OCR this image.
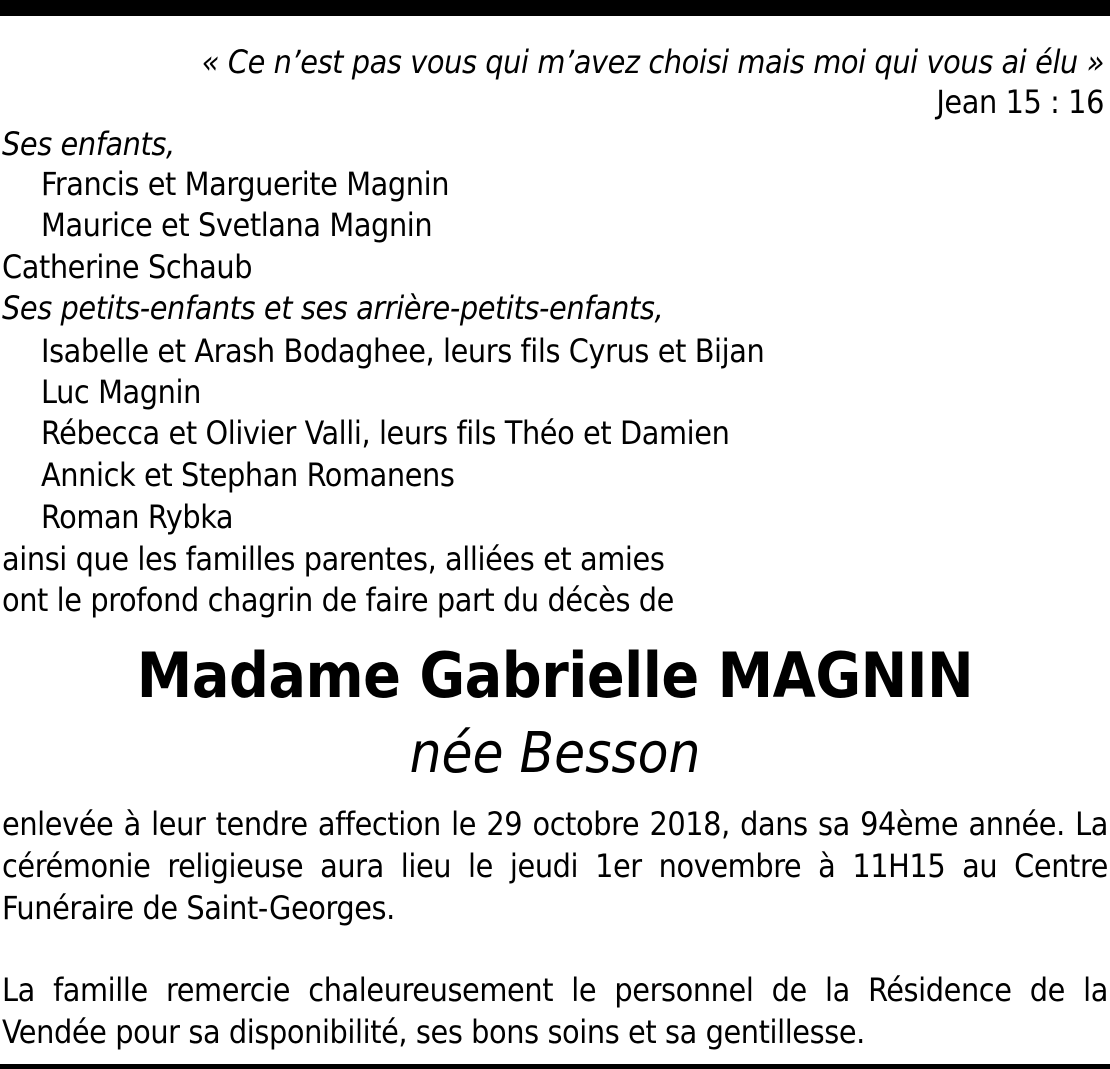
« Ce n’est pas vous qui m’avez choisi mais moi qui vous ai élu »
Jean 15 : 16
Ses enfants,
Francis et Marguerite Magnin
Maurice et Svetlana Magnin
Catherine Schaub
Ses petits-enfants et ses arrière-petits-enfants,
Isabelle et Arash Bodaghee, leurs fils Cyrus et Bijan
Luc Magnin
Rébecca et Olivier Valli, leurs fils Théo et Damien
Annick et Stephan Romanens
Roman Rybka
ainsi que les familles parentes, alliées et amies
ont le profond chagrin de faire part du décès de
Madame Gabrielle MAGNIN
née Besson
enlevée à leur tendre affection le 29 octobre 2018, dans sa 94ème année. La cérémonie religieuse aura lieu le jeudi 1er novembre à 11H15 au Centre Funéraire de Saint-Georges.
La famille remercie chaleureusement le personnel de la Résidence de la Vendée pour sa disponibilité, ses bons soins et sa gentillesse.
